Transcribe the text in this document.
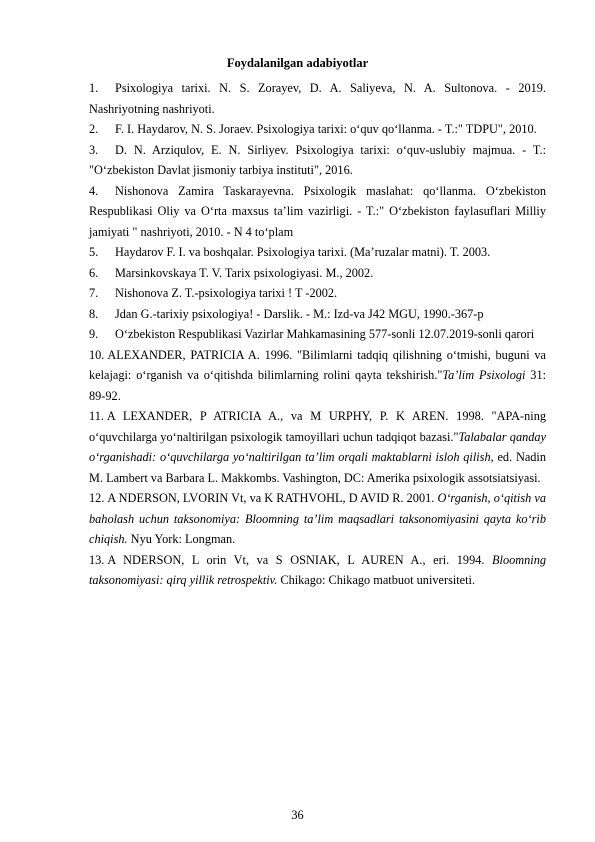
Foydalanilgan adabiyotlar

1. Psixologiya tarixi. N. S. Zorayev, D. A. Saliyeva, N. A. Sultonova. - 2019. Nashriyotning nashriyoti.

2. F. I. Haydarov, N. S. Joraev. Psixologiya tarixi: o‘quv qo‘llanma. - T.:" TDPU", 2010.

3. D. N. Arziqulov, E. N. Sirliyev. Psixologiya tarixi: o‘quv-uslubiy majmua. - T.: "O‘zbekiston Davlat jismoniy tarbiya instituti", 2016.

4. Nishonova Zamira Taskarayevna. Psixologik maslahat: qo‘llanma. O‘zbekiston Respublikasi Oliy va O‘rta maxsus ta’lim vazirligi. - T.:" O‘zbekiston faylasuflari Milliy jamiyati " nashriyoti, 2010. - N 4 to‘plam

5. Haydarov F. I. va boshqalar. Psixologiya tarixi. (Ma’ruzalar matni). T. 2003.

6. Marsinkovskaya T. V. Tarix psixologiyasi. M., 2002.

7. Nishonova Z. T.-psixologiya tarixi ! T -2002.

8. Jdan G.-tarixiy psixologiya! - Darslik. - M.: Izd-va J42 MGU, 1990.-367-p

9. O‘zbekiston Respublikasi Vazirlar Mahkamasining 577-sonli 12.07.2019-sonli qarori

10. ALEXANDER, PATRICIA A. 1996. "Bilimlarni tadqiq qilishning o‘tmishi, buguni va kelajagi: o‘rganish va o‘qitishda bilimlarning rolini qayta tekshirish."Ta’lim Psixologi 31: 89-92.

11. A LEXANDER, P ATRICIA A., va M URPHY, P. K AREN. 1998. "APA-ning o‘quvchilarga yo‘naltirilgan psixologik tamoyillari uchun tadqiqot bazasi."Talabalar qanday o‘rganishadi: o‘quvchilarga yo‘naltirilgan ta’lim orqali maktablarni isloh qilish, ed. Nadin M. Lambert va Barbara L. Makkombs. Vashington, DC: Amerika psixologik assotsiatsiyasi.

12. A NDERSON, LVORIN Vt, va K RATHVOHL, D AVID R. 2001. O‘rganish, o‘qitish va baholash uchun taksonomiya: Bloomning ta’lim maqsadlari taksonomiyasini qayta ko‘rib chiqish. Nyu York: Longman.

13. A NDERSON, L orin Vt, va S OSNIAK, L AUREN A., eri. 1994. Bloomning taksonomiyasi: qirq yillik retrospektiv. Chikago: Chikago matbuot universiteti.

36
